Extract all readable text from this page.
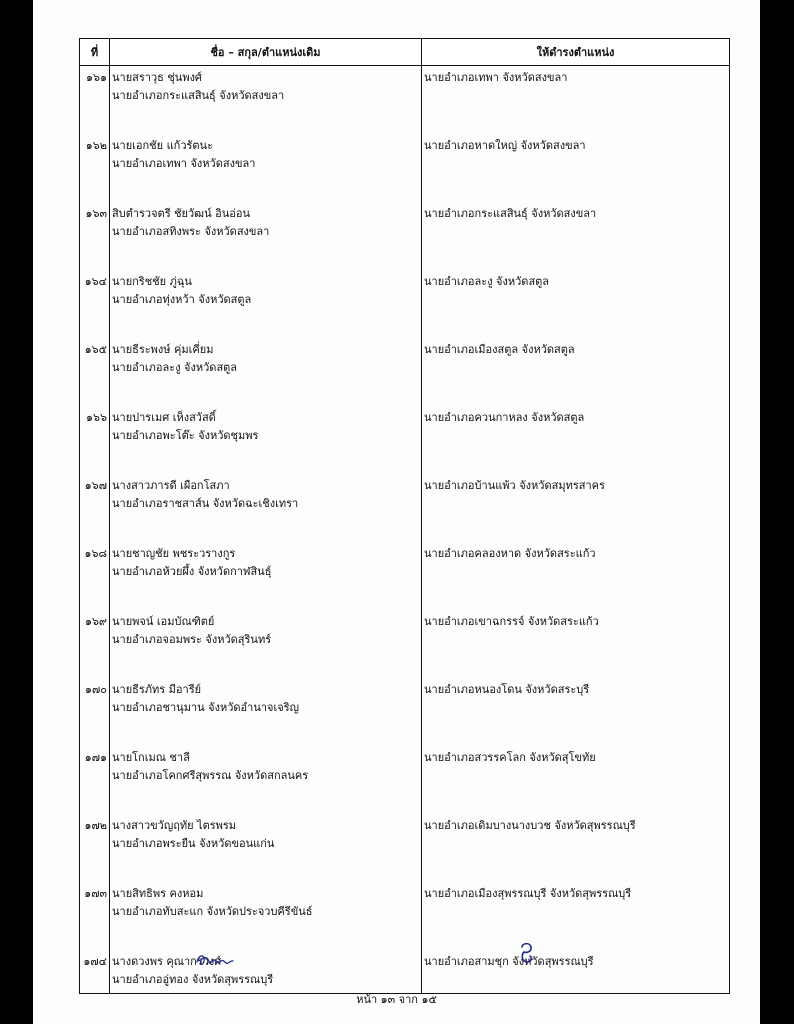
ที่	ชื่อ – สกุล/ตำแหน่งเดิม	ให้ดำรงตำแหน่ง

๑๖๑	นายสราวุธ ชุ่นพงศ์
นายอำเภอกระแสสินธุ์ จังหวัดสงขลา	นายอำเภอเทพา จังหวัดสงขลา

๑๖๒	นายเอกชัย แก้วรัตนะ
นายอำเภอเทพา จังหวัดสงขลา	นายอำเภอหาดใหญ่ จังหวัดสงขลา

๑๖๓	สิบตำรวจตรี ชัยวัฒน์ อินอ่อน
นายอำเภอสทิงพระ จังหวัดสงขลา	นายอำเภอกระแสสินธุ์ จังหวัดสงขลา

๑๖๔	นายกริชชัย ภู่ฉุน
นายอำเภอทุ่งหว้า จังหวัดสตูล	นายอำเภอละงู จังหวัดสตูล

๑๖๕	นายธีระพงษ์ คุ่มเคี่ยม
นายอำเภอละงู จังหวัดสตูล	นายอำเภอเมืองสตูล จังหวัดสตูล

๑๖๖	นายปารเมศ เห็งสวัสดิ์
นายอำเภอพะโต๊ะ จังหวัดชุมพร	นายอำเภอควนกาหลง จังหวัดสตูล

๑๖๗	นางสาวภารดี เผือกโสภา
นายอำเภอราชสาส์น จังหวัดฉะเชิงเทรา	นายอำเภอบ้านแพ้ว จังหวัดสมุทรสาคร

๑๖๘	นายชาญชัย พชระวรางกูร
นายอำเภอห้วยผึ้ง จังหวัดกาฬสินธุ์	นายอำเภอคลองหาด จังหวัดสระแก้ว

๑๖๙	นายพจน์ เอมบัณฑิตย์
นายอำเภอจอมพระ จังหวัดสุรินทร์	นายอำเภอเขาฉกรรจ์ จังหวัดสระแก้ว

๑๗๐	นายธีรภัทร มีอารีย์
นายอำเภอชานุมาน จังหวัดอำนาจเจริญ	นายอำเภอหนองโดน จังหวัดสระบุรี

๑๗๑	นายโกเมณ ชาลี
นายอำเภอโคกศรีสุพรรณ จังหวัดสกลนคร	นายอำเภอสวรรคโลก จังหวัดสุโขทัย

๑๗๒	นางสาวขวัญฤทัย ไตรพรม
นายอำเภอพระยืน จังหวัดขอนแก่น	นายอำเภอเดิมบางนางบวช จังหวัดสุพรรณบุรี

๑๗๓	นายสิทธิพร คงหอม
นายอำเภอทับสะแก จังหวัดประจวบคีรีขันธ์	นายอำเภอเมืองสุพรรณบุรี จังหวัดสุพรรณบุรี

๑๗๔	นางดวงพร คุณากรวงศ์
นายอำเภออู่ทอง จังหวัดสุพรรณบุรี	นายอำเภอสามชุก จังหวัดสุพรรณบุรี
หน้า ๑๓ จาก ๑๕
